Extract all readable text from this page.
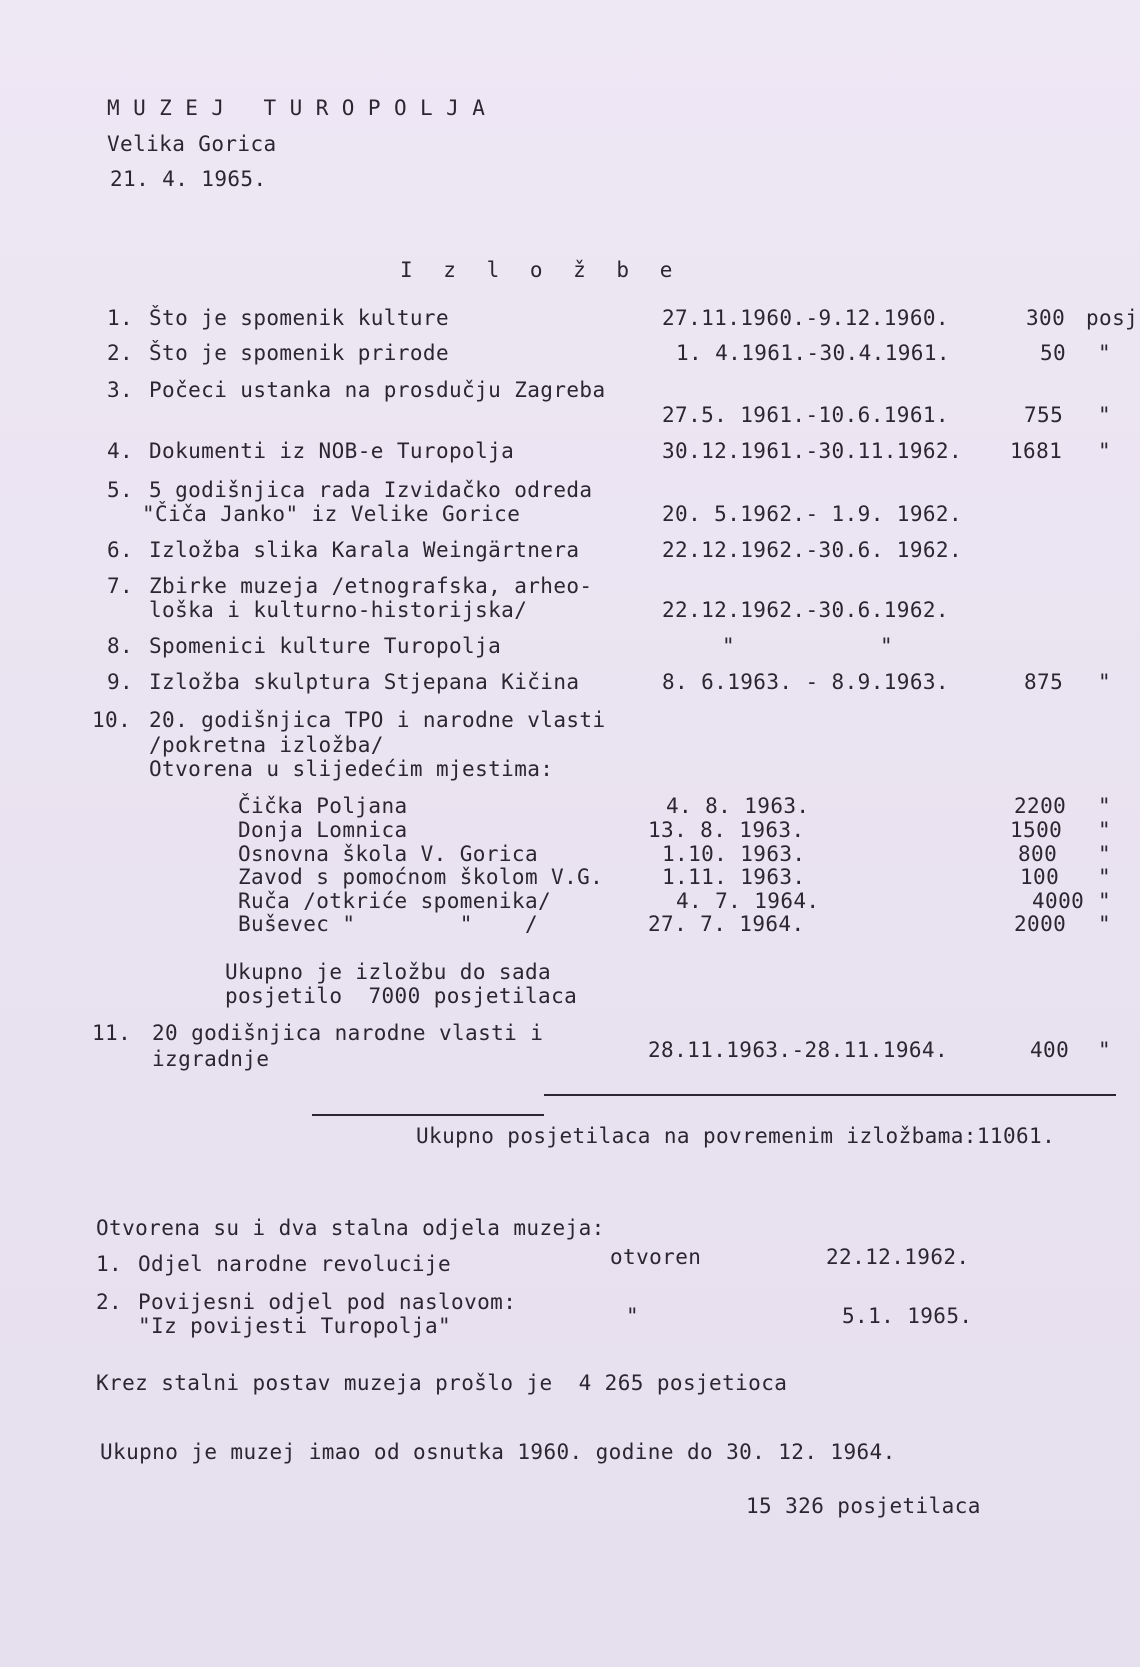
M U Z E J   T U R O P O L J A
Velika Gorica
21. 4. 1965.
I z l o ž b e
1. Što je spomenik kulture	27.11.1960.-9.12.1960.	300 posj
2. Što je spomenik prirode	1. 4.1961.-30.4.1961.	50 "
3. Počeci ustanka na prosdučju Zagreba
27.5. 1961.-10.6.1961.	755 "
4. Dokumenti iz NOB-e Turopolja	30.12.1961.-30.11.1962. 1681 "
5. 5 godišnjica rada Izvidačko odreda
"Čiča Janko" iz Velike Gorice	20. 5.1962.- 1.9. 1962.
6. Izložba slika Karala Weingärtnera	22.12.1962.-30.6. 1962.
7. Zbirke muzeja /etnografska, arheo-
loška i kulturno-historijska/	22.12.1962.-30.6.1962.
8. Spomenici kulture Turopolja	"	"
9. Izložba skulptura Stjepana Kičina	8. 6.1963. - 8.9.1963.	875 "
10. 20. godišnjica TPO i narodne vlasti
/pokretna izložba/
Otvorena u slijedećim mjestima:
Čička Poljana	4. 8. 1963.	2200 "
Donja Lomnica	13. 8. 1963.	1500 "
Osnovna škola V. Gorica	1.10. 1963.	800 "
Zavod s pomoćnom školom V.G.	1.11. 1963.	100 "
Ruča /otkriće spomenika/	4. 7. 1964.	4000 "
Buševec "        "    /	27. 7. 1964.	2000 "
Ukupno je izložbu do sada
posjetilo  7000 posjetilaca
11. 20 godišnjica narodne vlasti i
izgradnje	28.11.1963.-28.11.1964.	400 "
Ukupno posjetilaca na povremenim izložbama:11061.
Otvorena su i dva stalna odjela muzeja:
1. Odjel narodne revolucije	otvoren	22.12.1962.
2. Povijesni odjel pod naslovom:
"Iz povijesti Turopolja"	"	5.1. 1965.
Krez stalni postav muzeja prošlo je  4 265 posjetioca
Ukupno je muzej imao od osnutka 1960. godine do 30. 12. 1964.
15 326 posjetilaca
